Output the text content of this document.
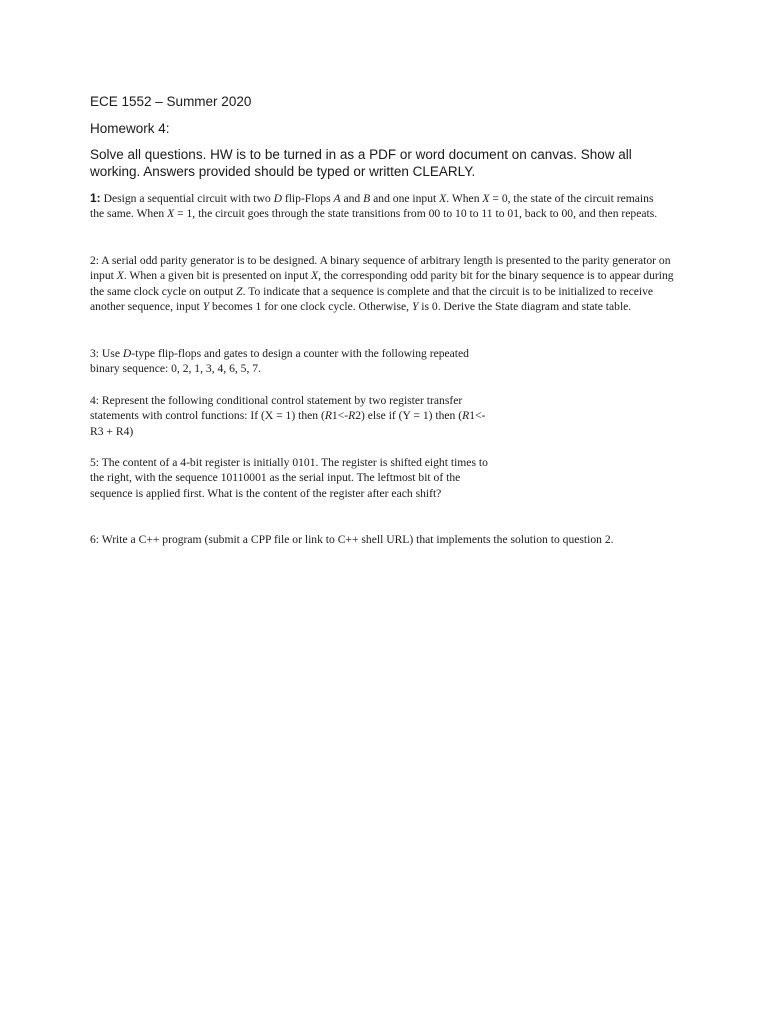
ECE 1552 – Summer 2020
Homework 4:
Solve all questions. HW is to be turned in as a PDF or word document on canvas. Show all working. Answers provided should be typed or written CLEARLY.
1: Design a sequential circuit with two D flip-Flops A and B and one input X. When X = 0, the state of the circuit remains the same. When X = 1, the circuit goes through the state transitions from 00 to 10 to 11 to 01, back to 00, and then repeats.
2: A serial odd parity generator is to be designed. A binary sequence of arbitrary length is presented to the parity generator on input X. When a given bit is presented on input X, the corresponding odd parity bit for the binary sequence is to appear during the same clock cycle on output Z. To indicate that a sequence is complete and that the circuit is to be initialized to receive another sequence, input Y becomes 1 for one clock cycle. Otherwise, Y is 0. Derive the State diagram and state table.
3: Use D-type flip-flops and gates to design a counter with the following repeated binary sequence: 0, 2, 1, 3, 4, 6, 5, 7.
4: Represent the following conditional control statement by two register transfer statements with control functions: If (X = 1) then (R1<-R2) else if (Y = 1) then (R1<-R3 + R4)
5: The content of a 4-bit register is initially 0101. The register is shifted eight times to the right, with the sequence 10110001 as the serial input. The leftmost bit of the sequence is applied first. What is the content of the register after each shift?
6: Write a C++ program (submit a CPP file or link to C++ shell URL) that implements the solution to question 2.
